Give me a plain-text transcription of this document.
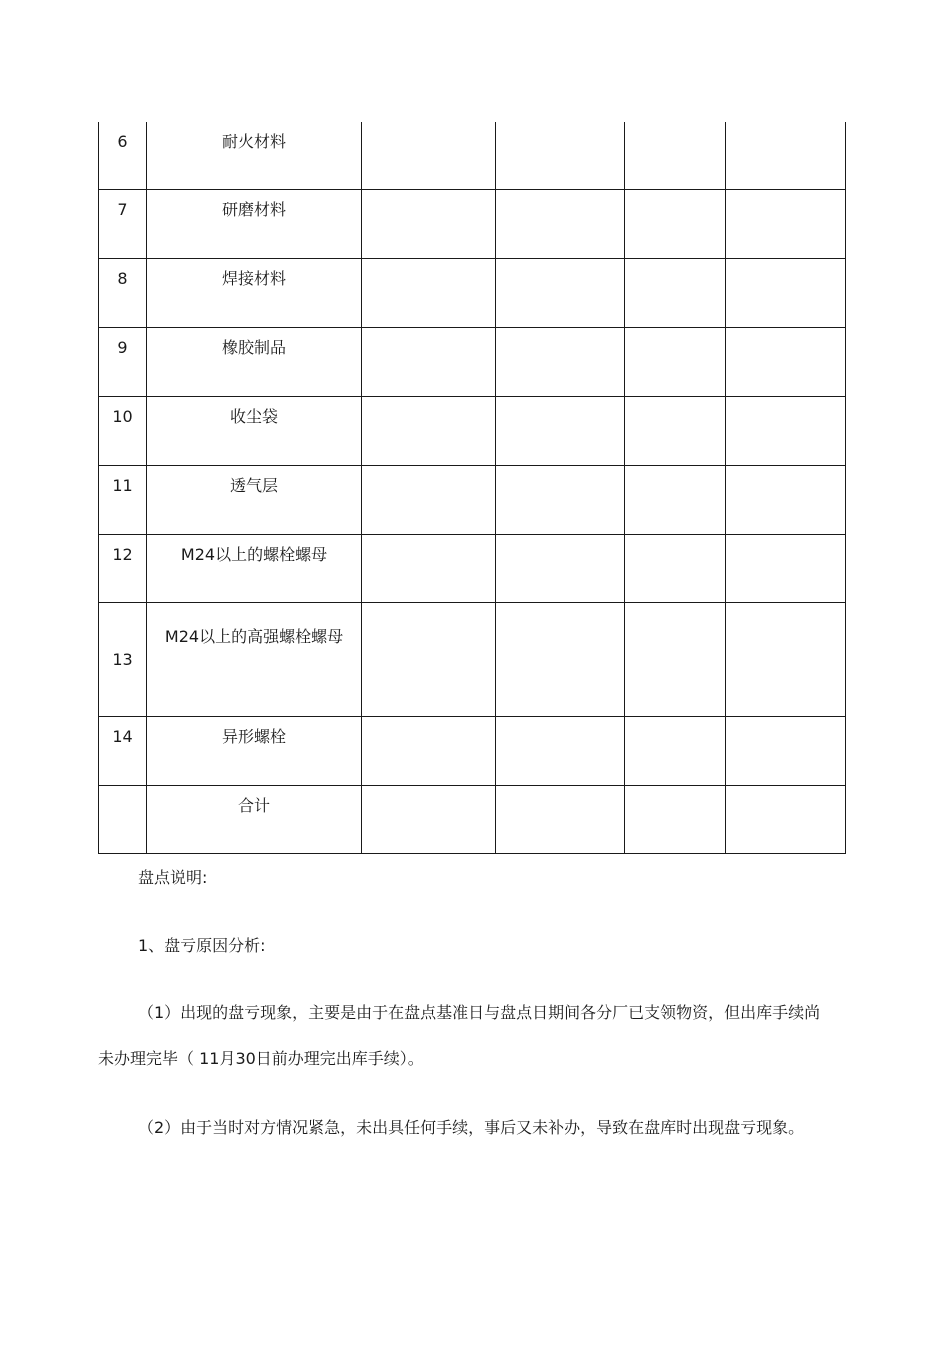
6	耐火材料				

7	研磨材料				

8	焊接材料				

9	橡胶制品				

10	收尘袋				

11	透气层				

12	M24以上的螺栓螺母				

13	M24以上的高强螺栓螺母				

14	异形螺栓				

	合计				

盘点说明:

1、盘亏原因分析:

（1）出现的盘亏现象，主要是由于在盘点基准日与盘点日期间各分厂已支领物资，但出库手续尚未办理完毕（ 11月30日前办理完出库手续）。

（2）由于当时对方情况紧急，未出具任何手续，事后又未补办，导致在盘库时出现盘亏现象。
